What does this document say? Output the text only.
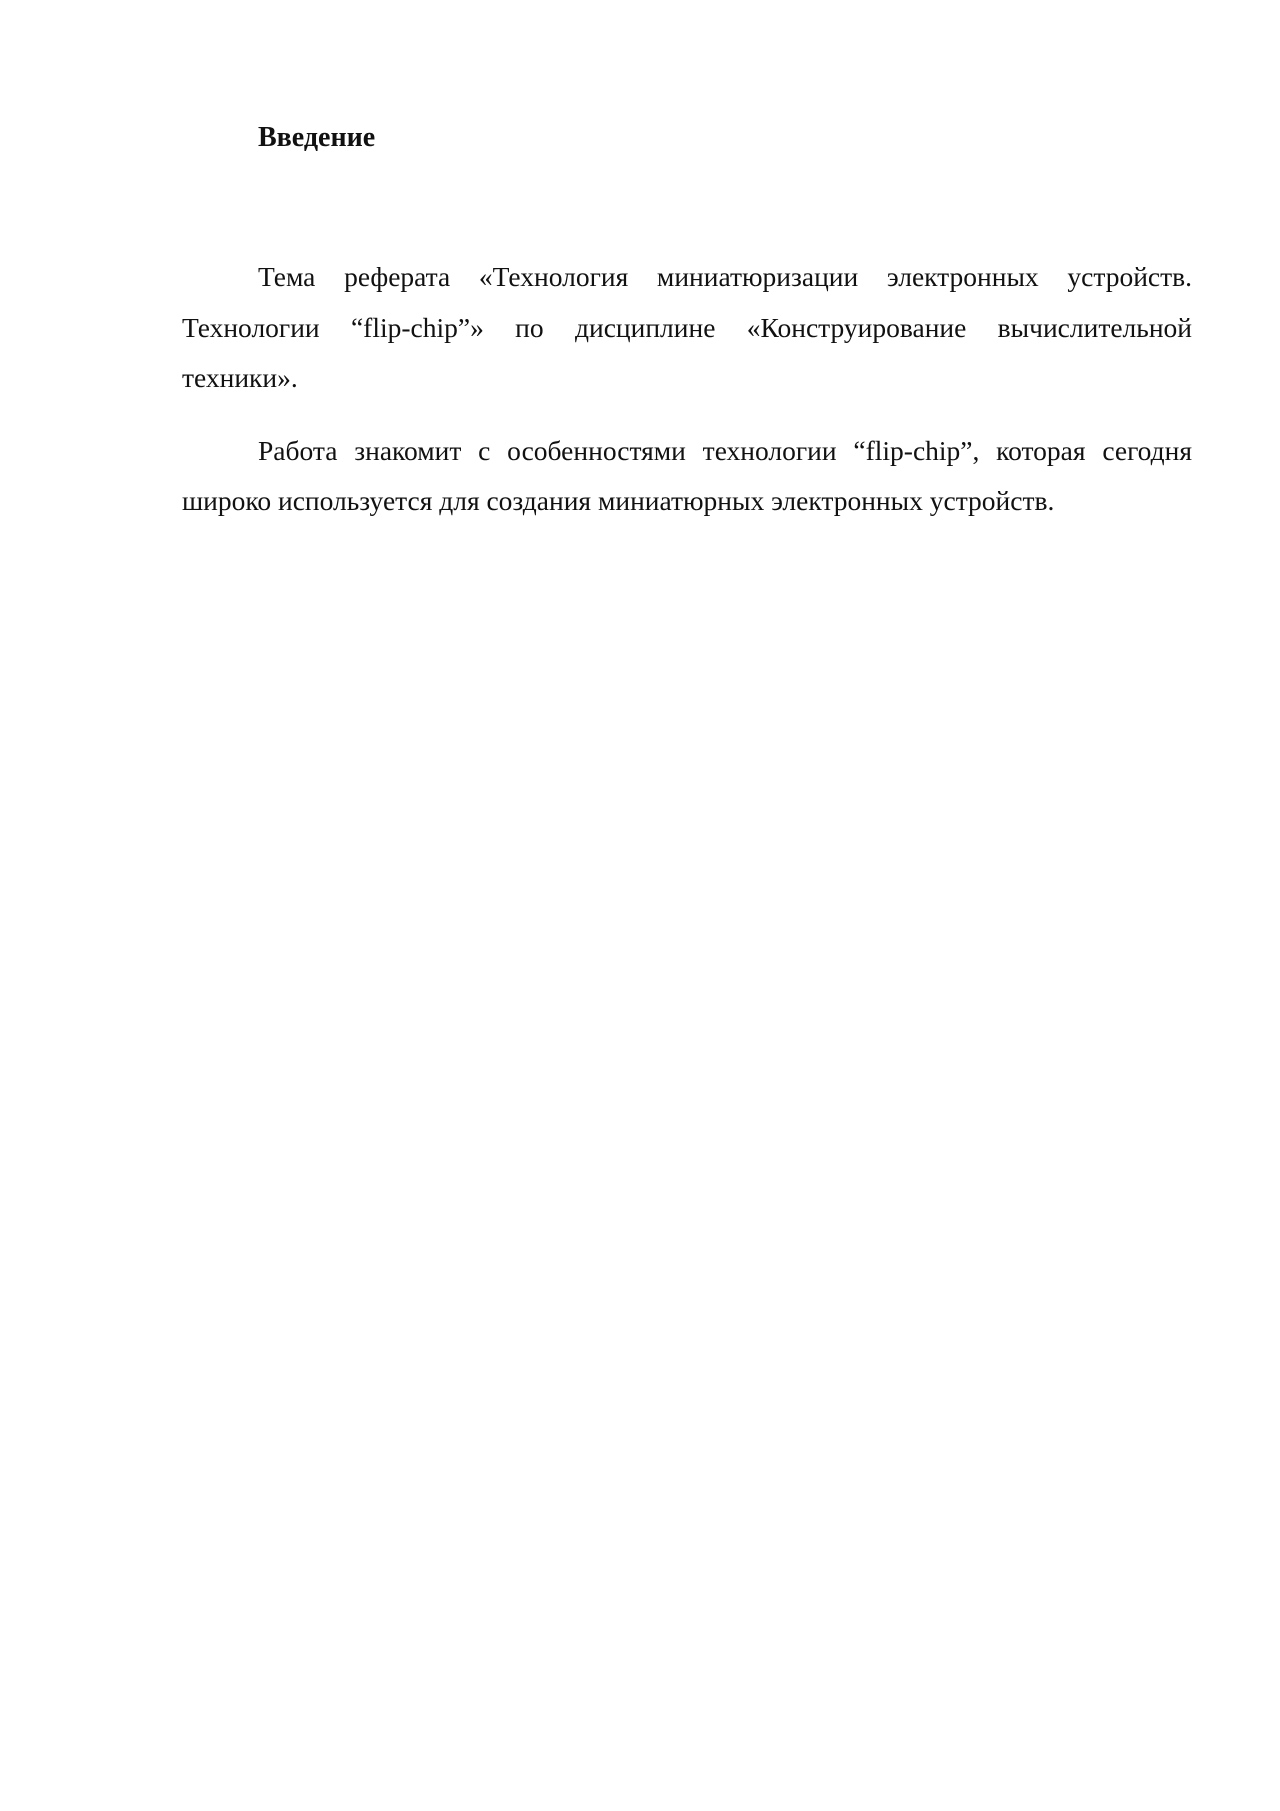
Введение

Тема реферата «Технология миниатюризации электронных устройств. Технологии “flip-chip”» по дисциплине «Конструирование вычислительной техники».

Работа знакомит с особенностями технологии “flip-chip”, которая сегодня широко используется для создания миниатюрных электронных устройств.
